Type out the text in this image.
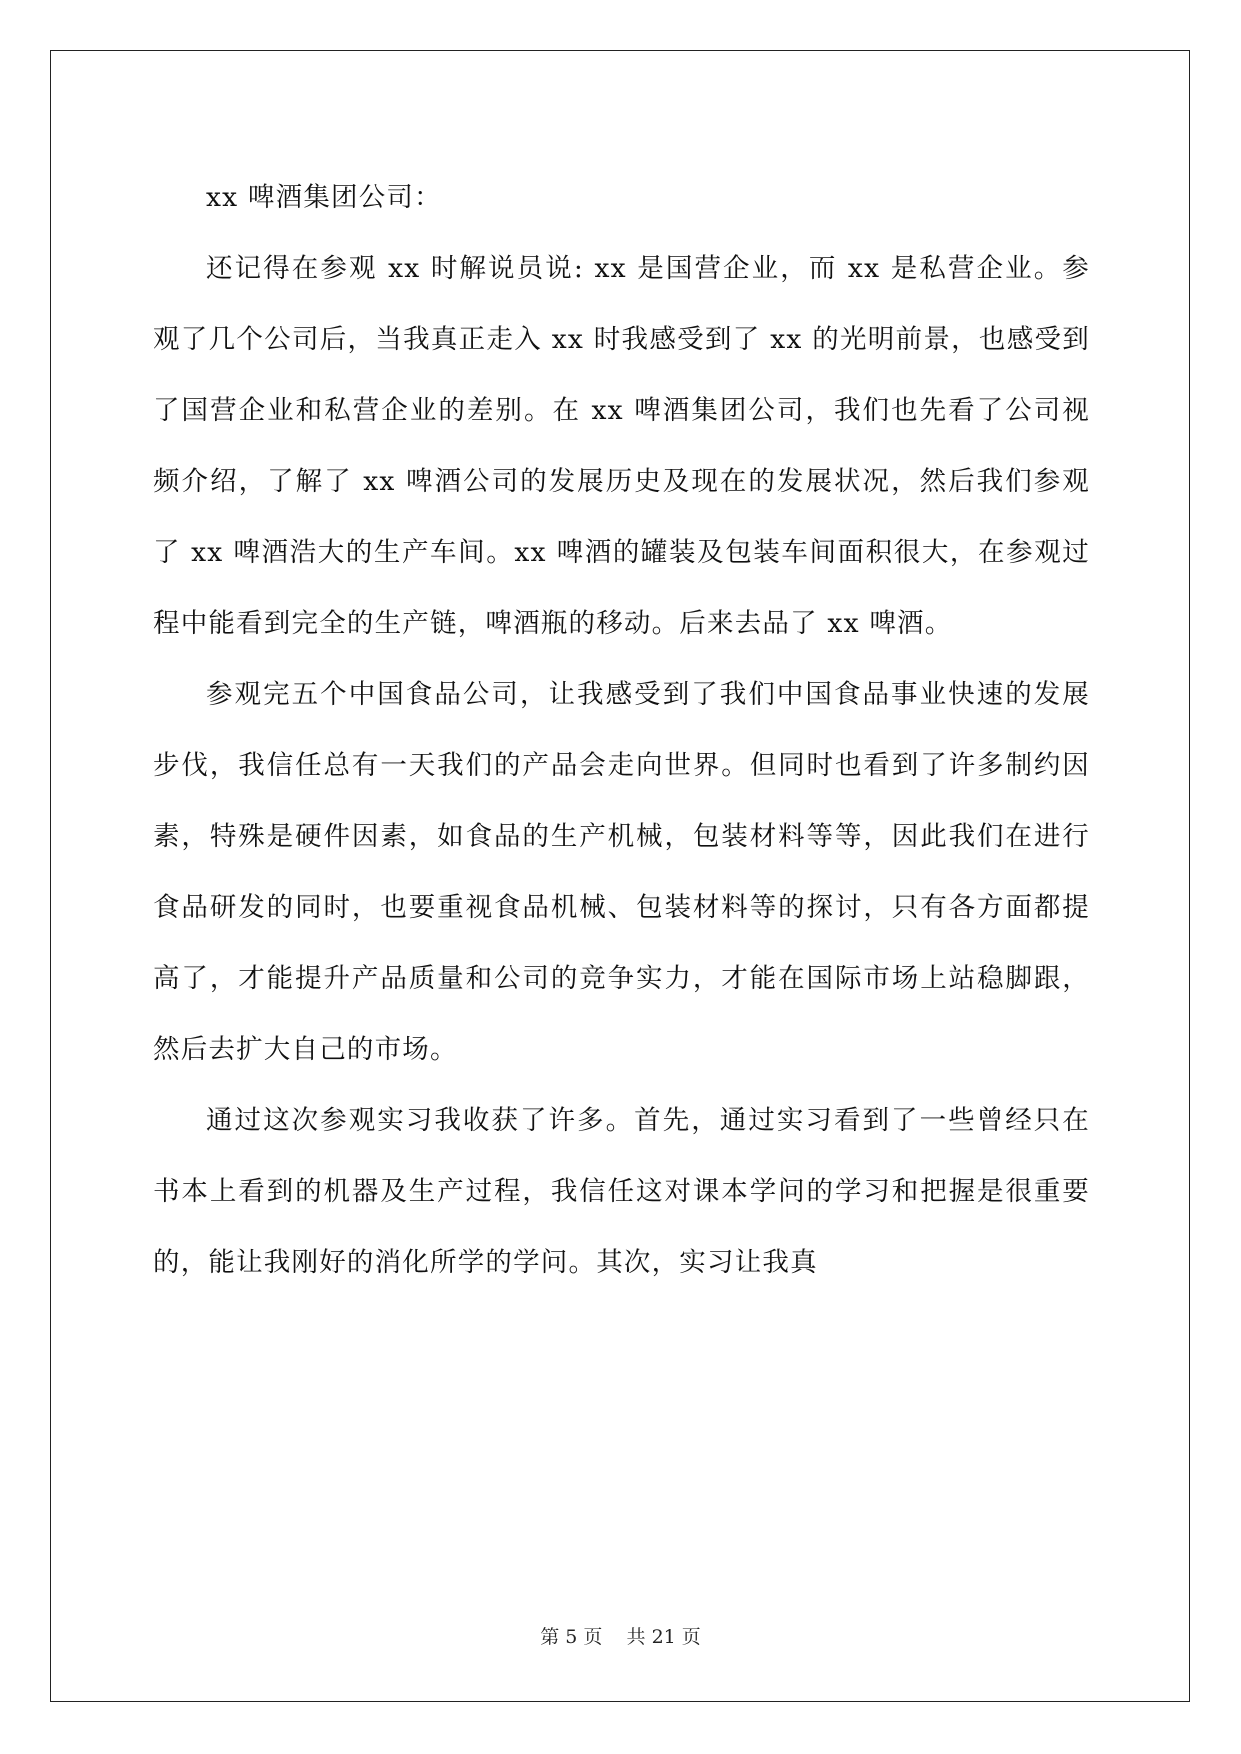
xx 啤酒集团公司：

还记得在参观 xx 时解说员说: xx 是国营企业，而 xx 是私营企业。参观了几个公司后，当我真正走入 xx 时我感受到了 xx 的光明前景，也感受到了国营企业和私营企业的差别。在 xx 啤酒集团公司，我们也先看了公司视频介绍，了解了 xx 啤酒公司的发展历史及现在的发展状况，然后我们参观了 xx 啤酒浩大的生产车间。xx 啤酒的罐装及包装车间面积很大，在参观过程中能看到完全的生产链，啤酒瓶的移动。后来去品了 xx 啤酒。

参观完五个中国食品公司，让我感受到了我们中国食品事业快速的发展步伐，我信任总有一天我们的产品会走向世界。但同时也看到了许多制约因素，特殊是硬件因素，如食品的生产机械，包装材料等等，因此我们在进行食品研发的同时，也要重视食品机械、包装材料等的探讨，只有各方面都提高了，才能提升产品质量和公司的竞争实力，才能在国际市场上站稳脚跟，然后去扩大自己的市场。

通过这次参观实习我收获了许多。首先，通过实习看到了一些曾经只在书本上看到的机器及生产过程，我信任这对课本学问的学习和把握是很重要的，能让我刚好的消化所学的学问。其次，实习让我真

第 5 页 共 21 页
